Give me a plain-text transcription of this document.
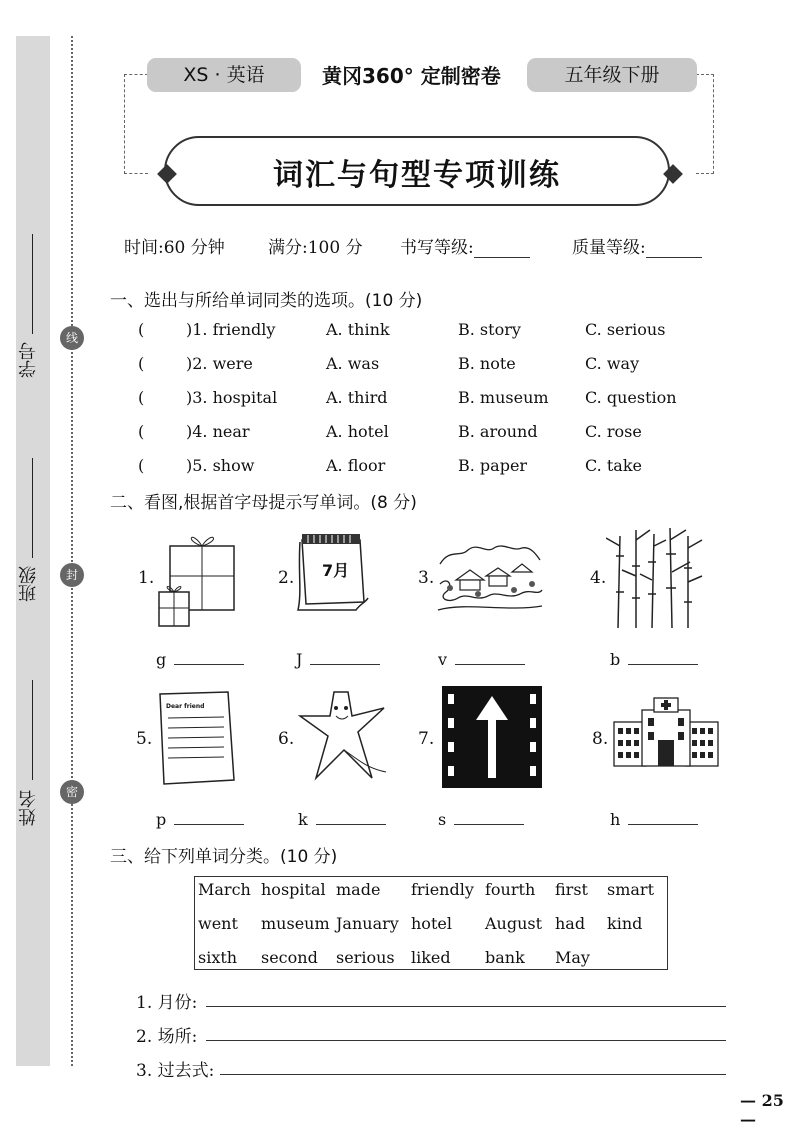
学号
班级
姓名
线
封
密
XS · 英语	黄冈360° 定制密卷	五年级下册
词汇与句型专项训练
时间:60 分钟	满分:100 分 书写等级:	质量等级:
一、选出与所给单词同类的选项。(10 分)
(	)1. friendly	A. think	B. story	C. serious
(	)2. were	A. was	B. note	C. way
(	)3. hospital	A. third	B. museum C. question
(	)4. near	A. hotel	B. around	C. rose
(	)5. show	A. floor	B. paper	C. take
二、看图,根据首字母提示写单词。(8 分)
1.	2. 7月	3.	4.
g	J	v	b
5.
Dear friend
6.	7.	8.
p	k	s	h
三、给下列单词分类。(10 分)
March hospital made friendly fourth first smart
went museum January hotel August had kind
sixth second serious liked bank May
1. 月份:
2. 场所:
3. 过去式:
— 25 —
